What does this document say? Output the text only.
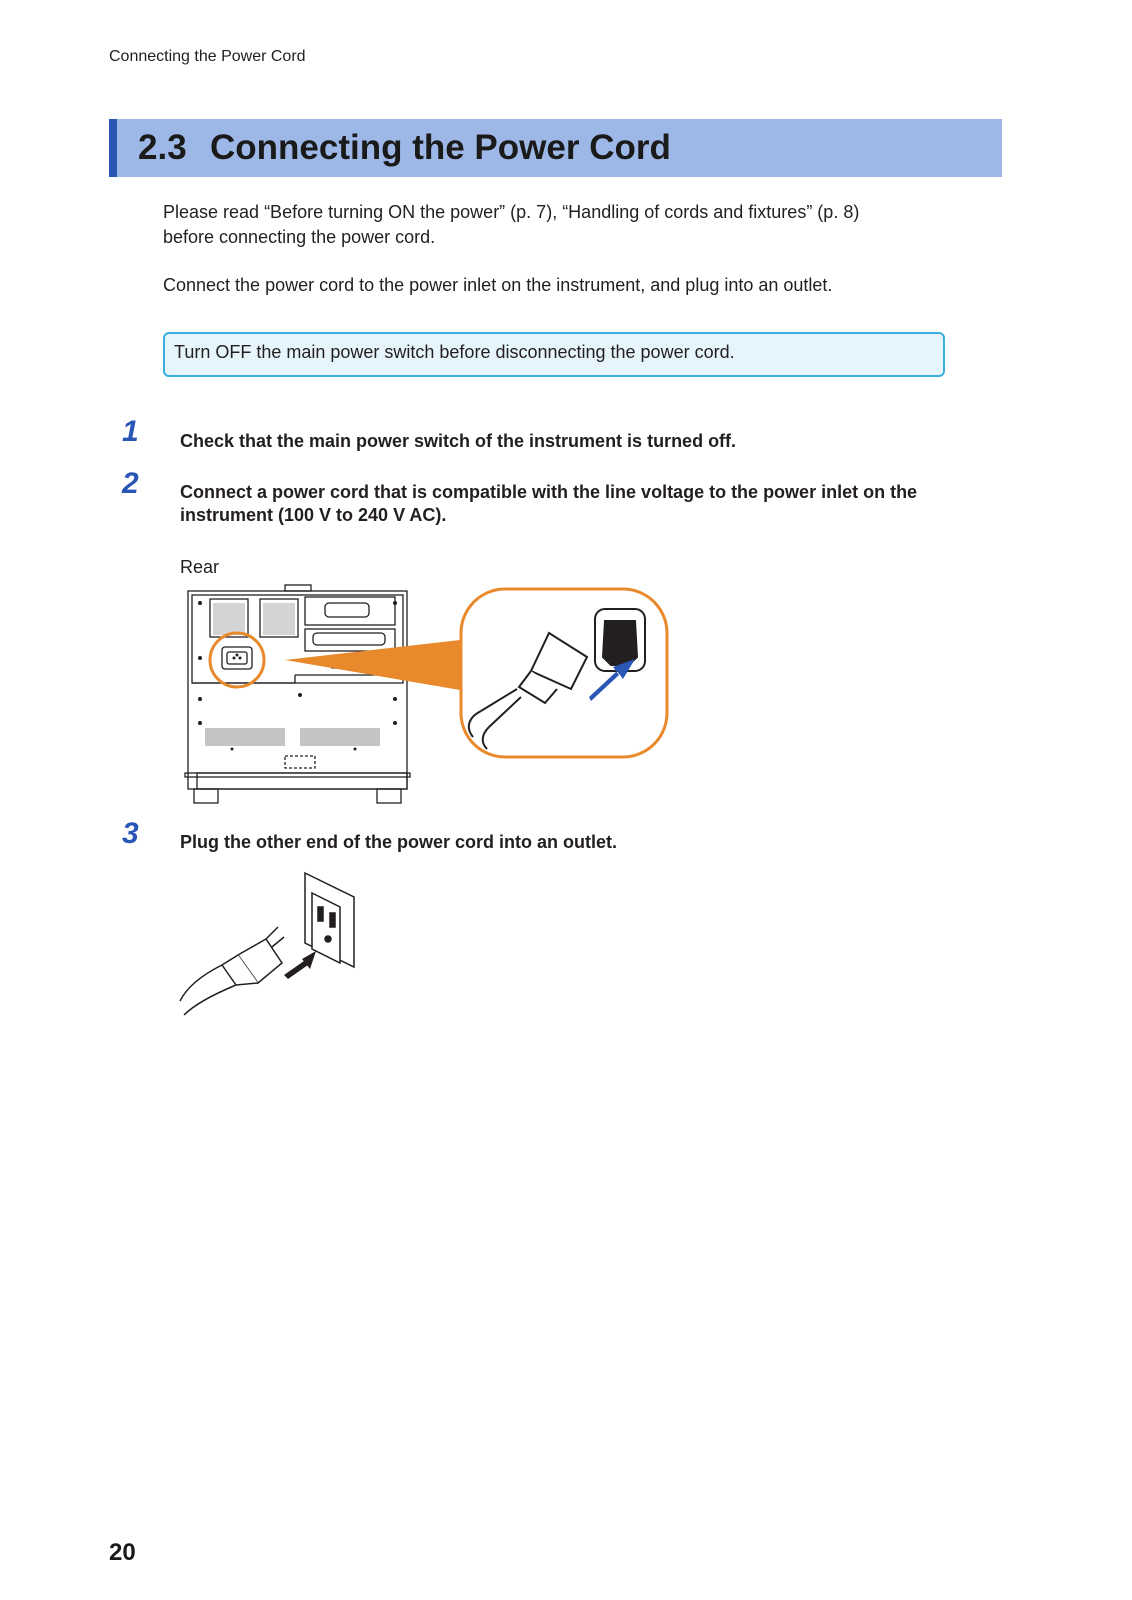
Connecting the Power Cord
2.3 Connecting the Power Cord
Please read “Before turning ON the power” (p. 7), “Handling of cords and fixtures” (p. 8)
before connecting the power cord.
Connect the power cord to the power inlet on the instrument, and plug into an outlet.
Turn OFF the main power switch before disconnecting the power cord.
1 Check that the main power switch of the instrument is turned off.
2 Connect a power cord that is compatible with the line voltage to the power inlet on the
instrument (100 V to 240 V AC).
Rear
3 Plug the other end of the power cord into an outlet.
20
